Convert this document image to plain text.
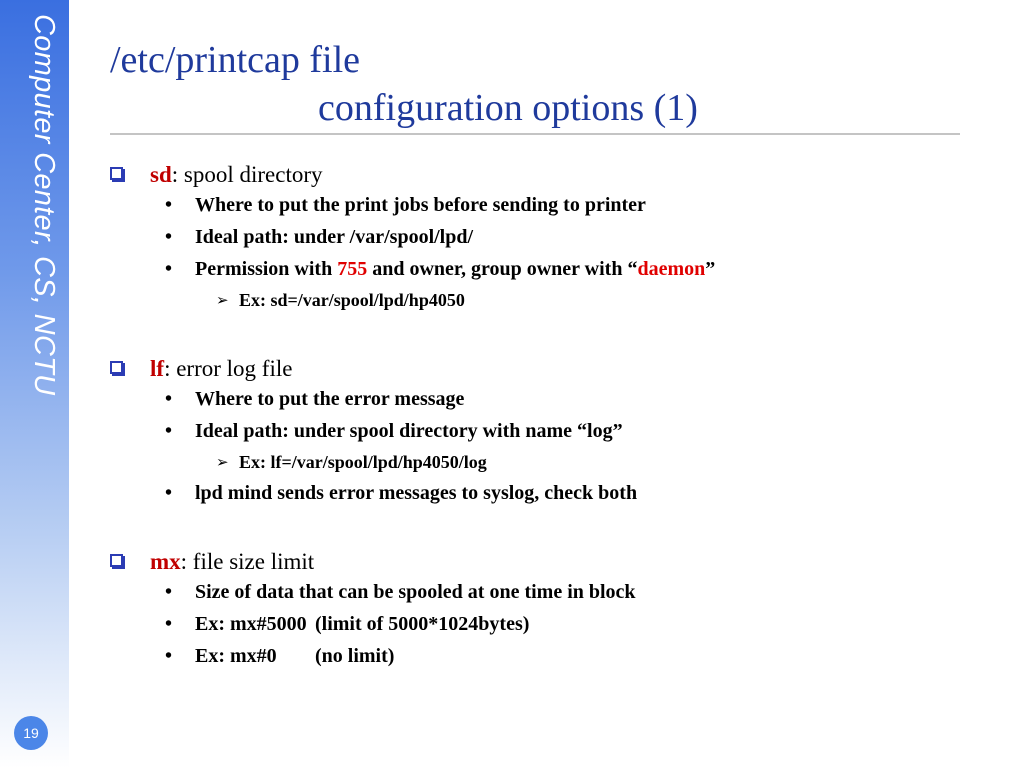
Computer Center, CS, NCTU
19
/etc/printcap file
configuration options (1)
sd: spool directory
• Where to put the print jobs before sending to printer
• Ideal path: under /var/spool/lpd/
• Permission with 755 and owner, group owner with “daemon”
➢ Ex: sd=/var/spool/lpd/hp4050
lf: error log file
• Where to put the error message
• Ideal path: under spool directory with name “log”
➢ Ex: lf=/var/spool/lpd/hp4050/log
• lpd mind sends error messages to syslog, check both
mx: file size limit
• Size of data that can be spooled at one time in block
• Ex: mx#5000 (limit of 5000*1024bytes)
• Ex: mx#0 (no limit)
